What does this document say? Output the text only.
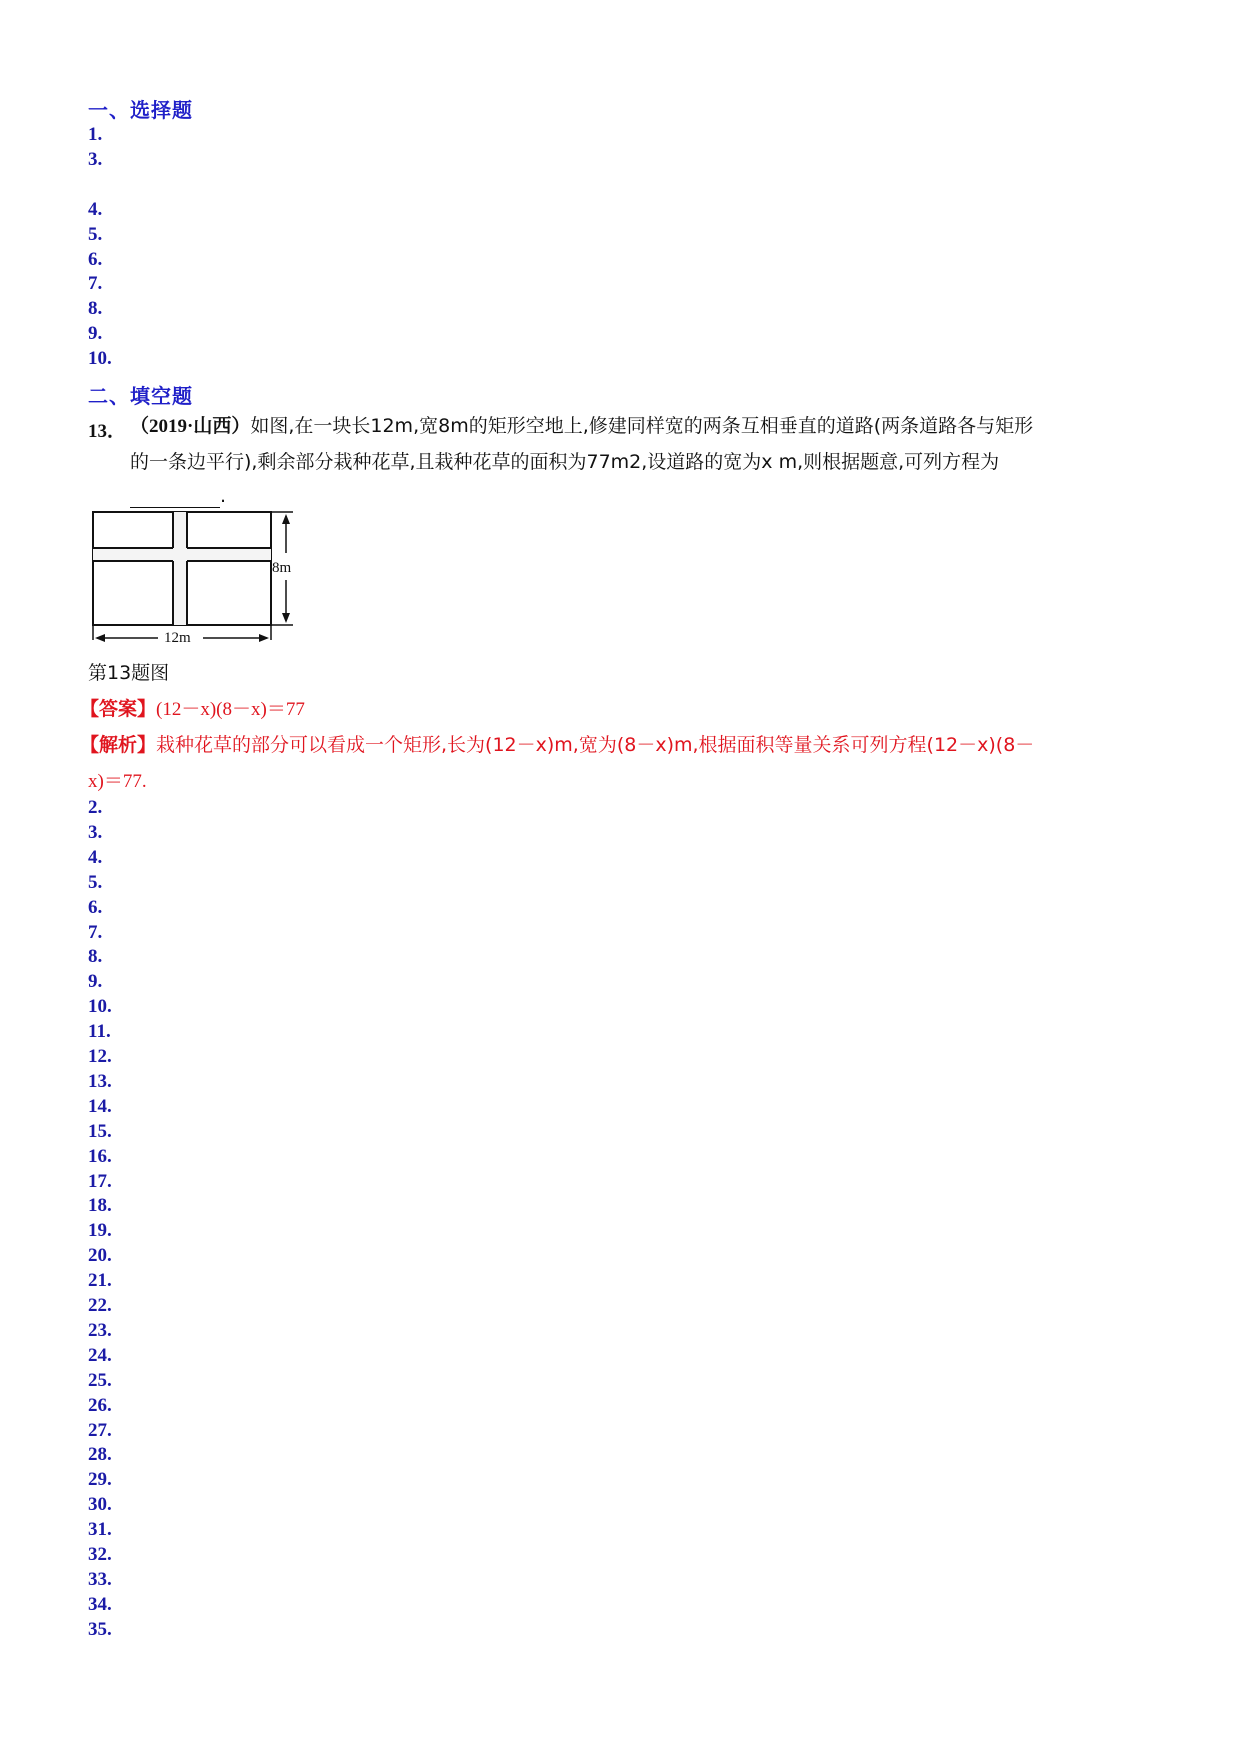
一、选择题
1.
3.
4.
5.
6.
7.
8.
9.
10.
二、填空题
13． （2019·山西）如图,在一块长12m,宽8m的矩形空地上,修建同样宽的两条互相垂直的道路(两条道路各与矩形
的一条边平行),剩余部分栽种花草,且栽种花草的面积为77m2,设道路的宽为x m,则根据题意,可列方程为
.
8m
12m
第13题图
【答案】(12－x)(8－x)＝77
【解析】栽种花草的部分可以看成一个矩形,长为(12－x)m,宽为(8－x)m,根据面积等量关系可列方程(12－x)(8－
x)＝77.
2.
3.
4.
5.
6.
7.
8.
9.
10.
11.
12.
13.
14.
15.
16.
17.
18.
19.
20.
21.
22.
23.
24.
25.
26.
27.
28.
29.
30.
31.
32.
33.
34.
35.
